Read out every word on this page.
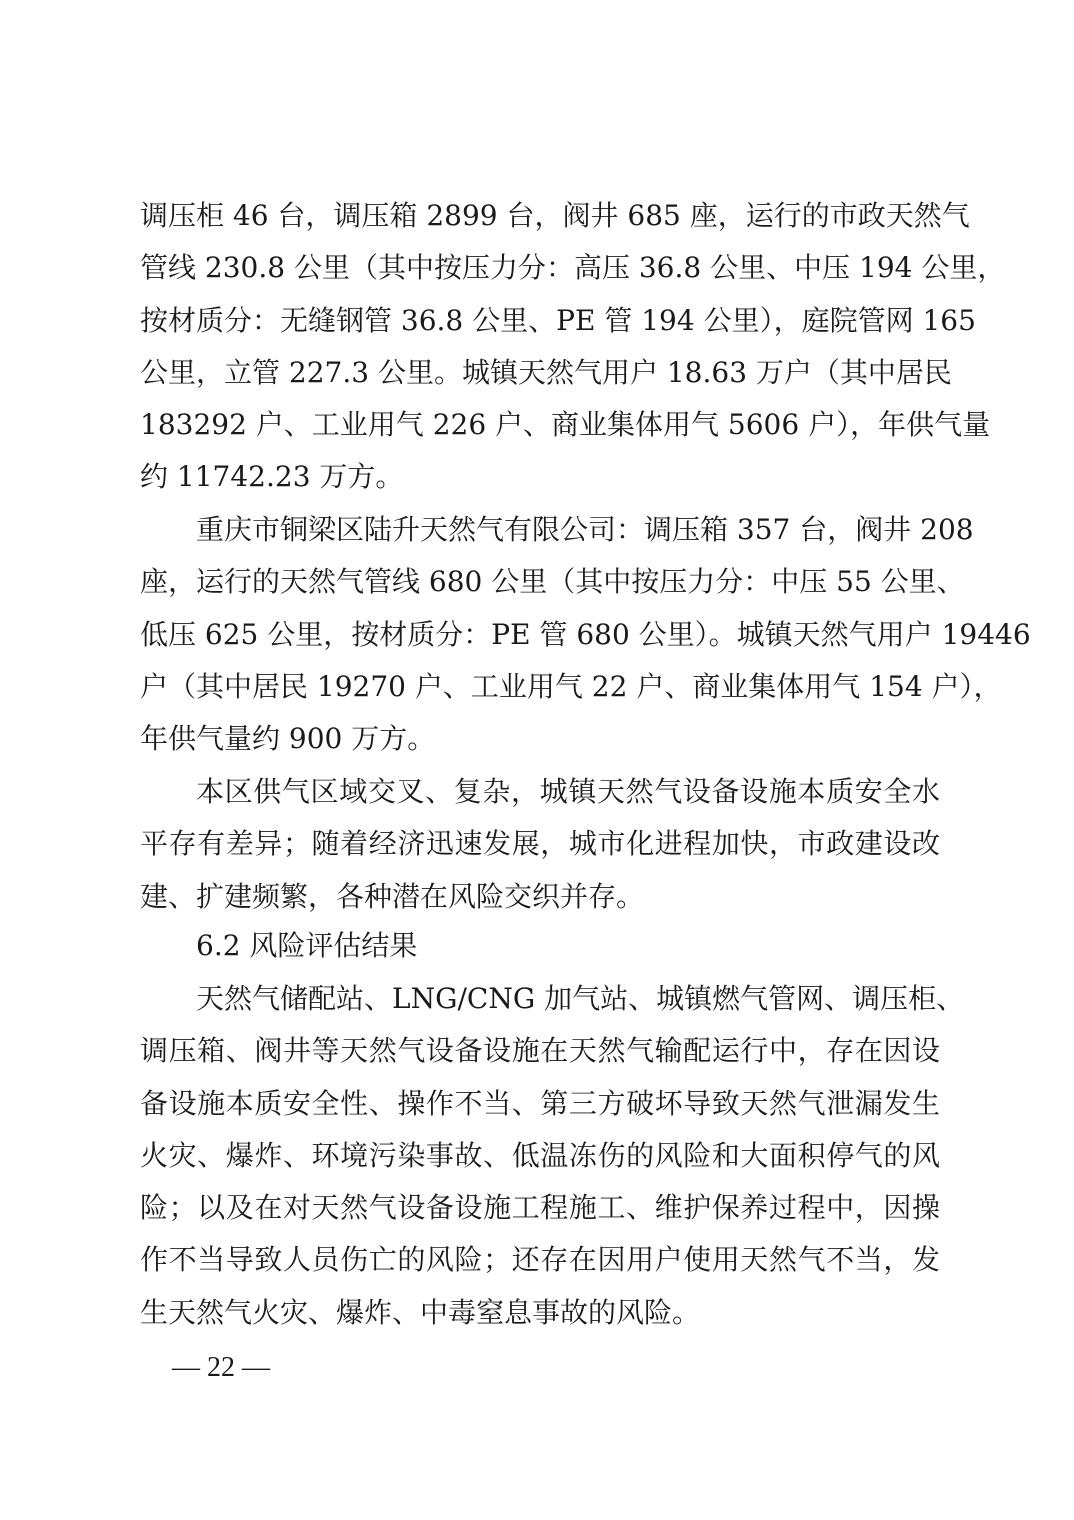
调压柜 46 台，调压箱 2899 台，阀井 685 座，运行的市政天然气
管线 230.8 公里（其中按压力分：高压 36.8 公里、中压 194 公里，
按材质分：无缝钢管 36.8 公里、PE 管 194 公里），庭院管网 165
公里，立管 227.3 公里。城镇天然气用户 18.63 万户（其中居民
183292 户、工业用气 226 户、商业集体用气 5606 户），年供气量
约 11742.23 万方。
重庆市铜梁区陆升天然气有限公司：调压箱 357 台，阀井 208
座，运行的天然气管线 680 公里（其中按压力分：中压 55 公里、
低压 625 公里，按材质分：PE 管 680 公里）。城镇天然气用户 19446
户（其中居民 19270 户、工业用气 22 户、商业集体用气 154 户），
年供气量约 900 万方。
本区供气区域交叉、复杂，城镇天然气设备设施本质安全水
平存有差异；随着经济迅速发展，城市化进程加快，市政建设改
建、扩建频繁，各种潜在风险交织并存。
6.2 风险评估结果
天然气储配站、LNG/CNG 加气站、城镇燃气管网、调压柜、
调压箱、阀井等天然气设备设施在天然气输配运行中，存在因设
备设施本质安全性、操作不当、第三方破坏导致天然气泄漏发生
火灾、爆炸、环境污染事故、低温冻伤的风险和大面积停气的风
险；以及在对天然气设备设施工程施工、维护保养过程中，因操
作不当导致人员伤亡的风险；还存在因用户使用天然气不当，发
生天然气火灾、爆炸、中毒窒息事故的风险。
— 22 —
